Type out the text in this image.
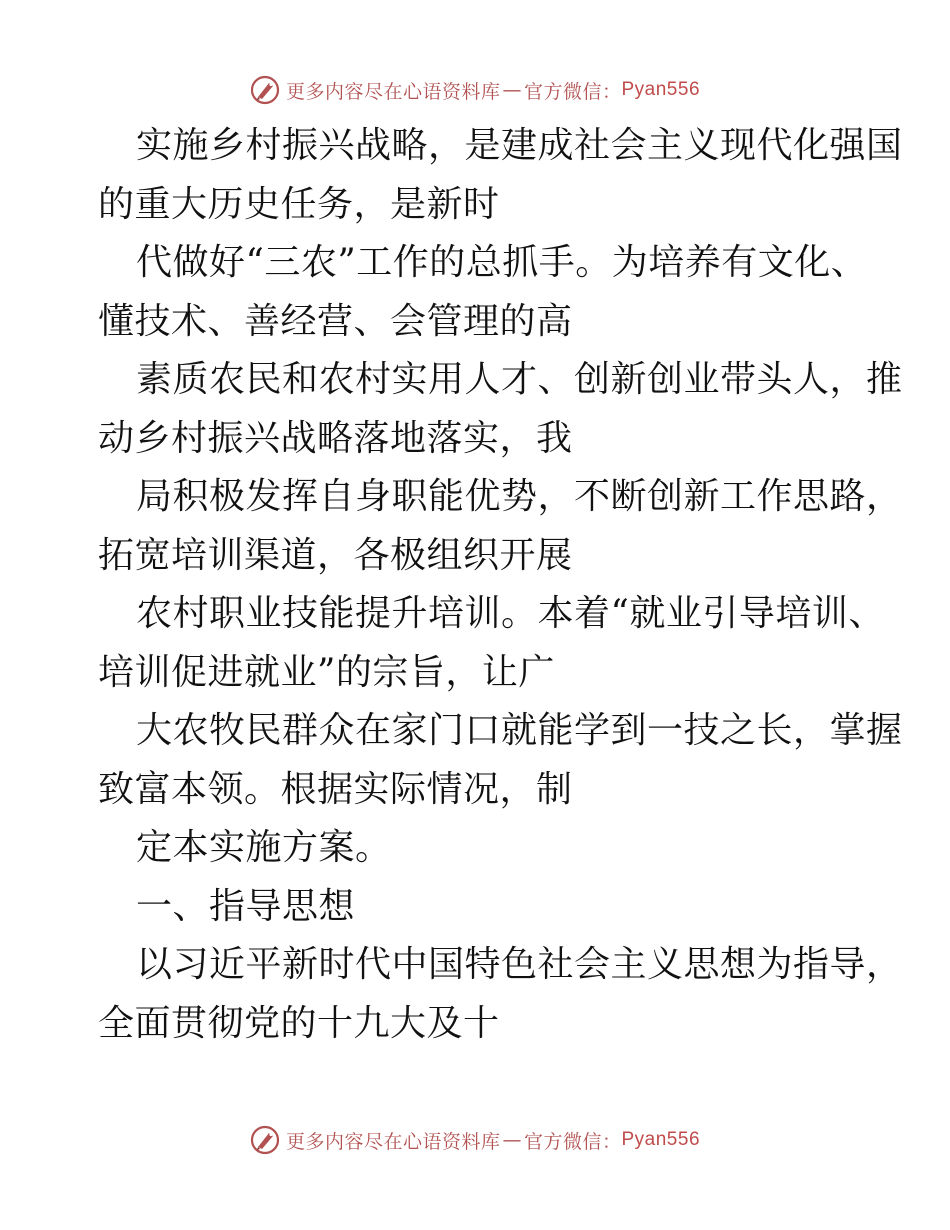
更多内容尽在心语资料库 — 官方微信： Pyan556
实施乡村振兴战略，是建成社会主义现代化强国
的重大历史任务，是新时
代做好“三农”工作的总抓手。为培养有文化、
懂技术、善经营、会管理的高
素质农民和农村实用人才、创新创业带头人，推
动乡村振兴战略落地落实，我
局积极发挥自身职能优势，不断创新工作思路，
拓宽培训渠道，各极组织开展
农村职业技能提升培训。本着“就业引导培训、
培训促进就业”的宗旨，让广
大农牧民群众在家门口就能学到一技之长，掌握
致富本领。根据实际情况，制
定本实施方案。
一、指导思想
以习近平新时代中国特色社会主义思想为指导，
全面贯彻党的十九大及十
更多内容尽在心语资料库 — 官方微信： Pyan556
